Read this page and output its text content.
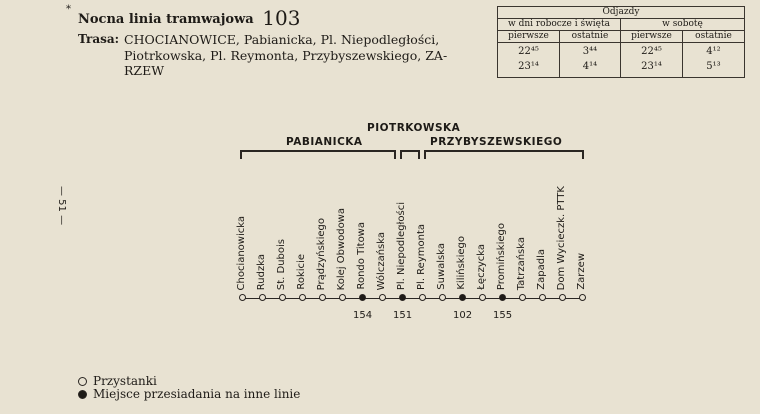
*
Nocna linia tramwajowa 103
Trasa: CHOCIANOWICE, Pabianicka, Pl. Niepodległości, Piotrkowska, Pl. Reymonta, Przybyszewskiego, ZA-RZEW
Odjazdy
w dni robocze i święta	w sobotę
pierwsze	ostatnie	pierwsze	ostatnie
22⁴⁵	3⁴⁴	22⁴⁵	4¹²
23¹⁴	4¹⁴	23¹⁴	5¹³
PIOTRKOWSKA
PABIANICKA	PRZYBYSZEWSKIEGO
Chocianowicka Rudzka St. Dubois Rokicie Prądzyńskiego Kolej Obwodowa Rondo Titowa
154
Wólczańska Pl. Niepodległości
151
Pl. Reymonta Suwalska Kilińskiego
102
Łęczycka Promińskiego
155
Tatrzańska Zapadla Dom Wycieczk. PTTK Zarzew
— 51 —
Przystanki
Miejsce przesiadania na inne linie
